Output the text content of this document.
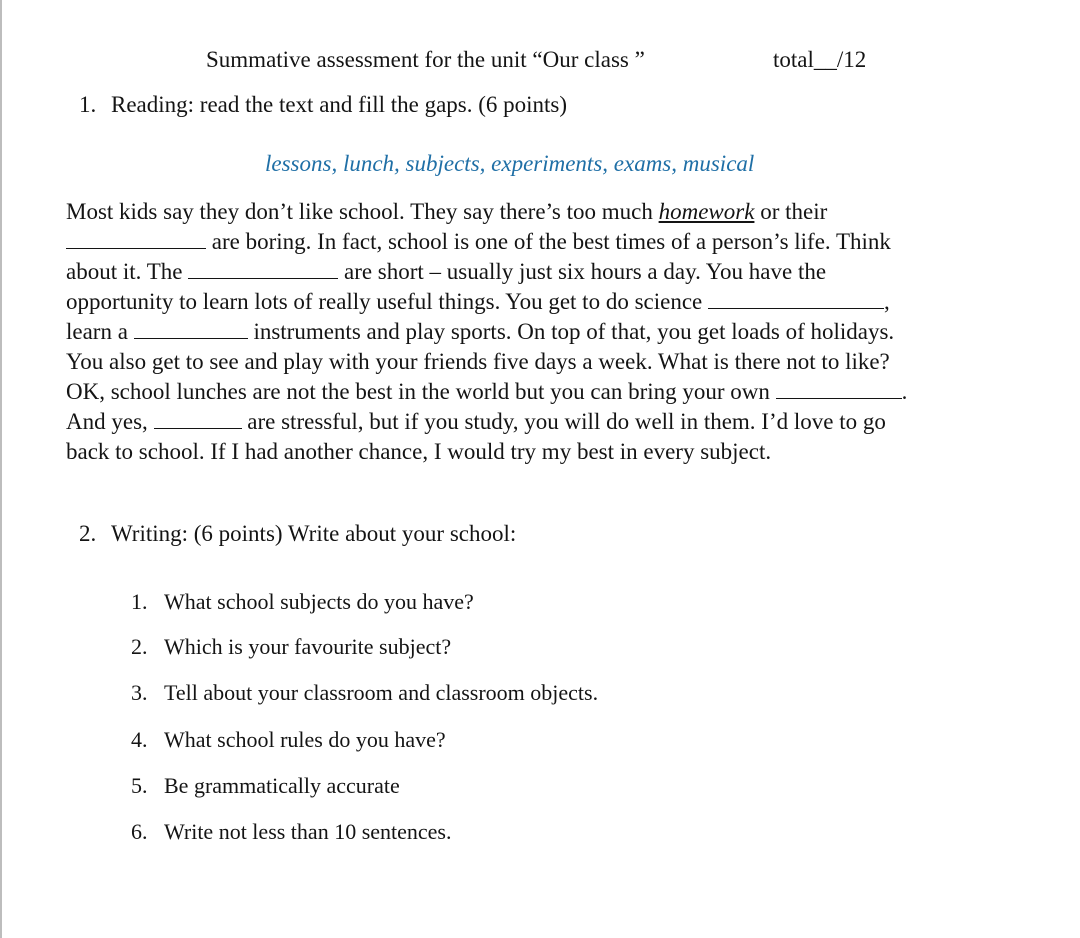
Summative assessment for the unit “Our class ”	total__/12
1. Reading: read the text and fill the gaps. (6 points)
lessons, lunch, subjects, experiments, exams, musical
Most kids say they don’t like school. They say there’s too much homework or their
are boring. In fact, school is one of the best times of a person’s life. Think
about it. The	are short – usually just six hours a day. You have the
opportunity to learn lots of really useful things. You get to do science	,
learn a	instruments and play sports. On top of that, you get loads of holidays.
You also get to see and play with your friends five days a week. What is there not to like?
OK, school lunches are not the best in the world but you can bring your own	.
And yes,	are stressful, but if you study, you will do well in them. I’d love to go
back to school. If I had another chance, I would try my best in every subject.
2. Writing: (6 points) Write about your school:
1. What school subjects do you have?
2. Which is your favourite subject?
3. Tell about your classroom and classroom objects.
4. What school rules do you have?
5. Be grammatically accurate
6. Write not less than 10 sentences.
